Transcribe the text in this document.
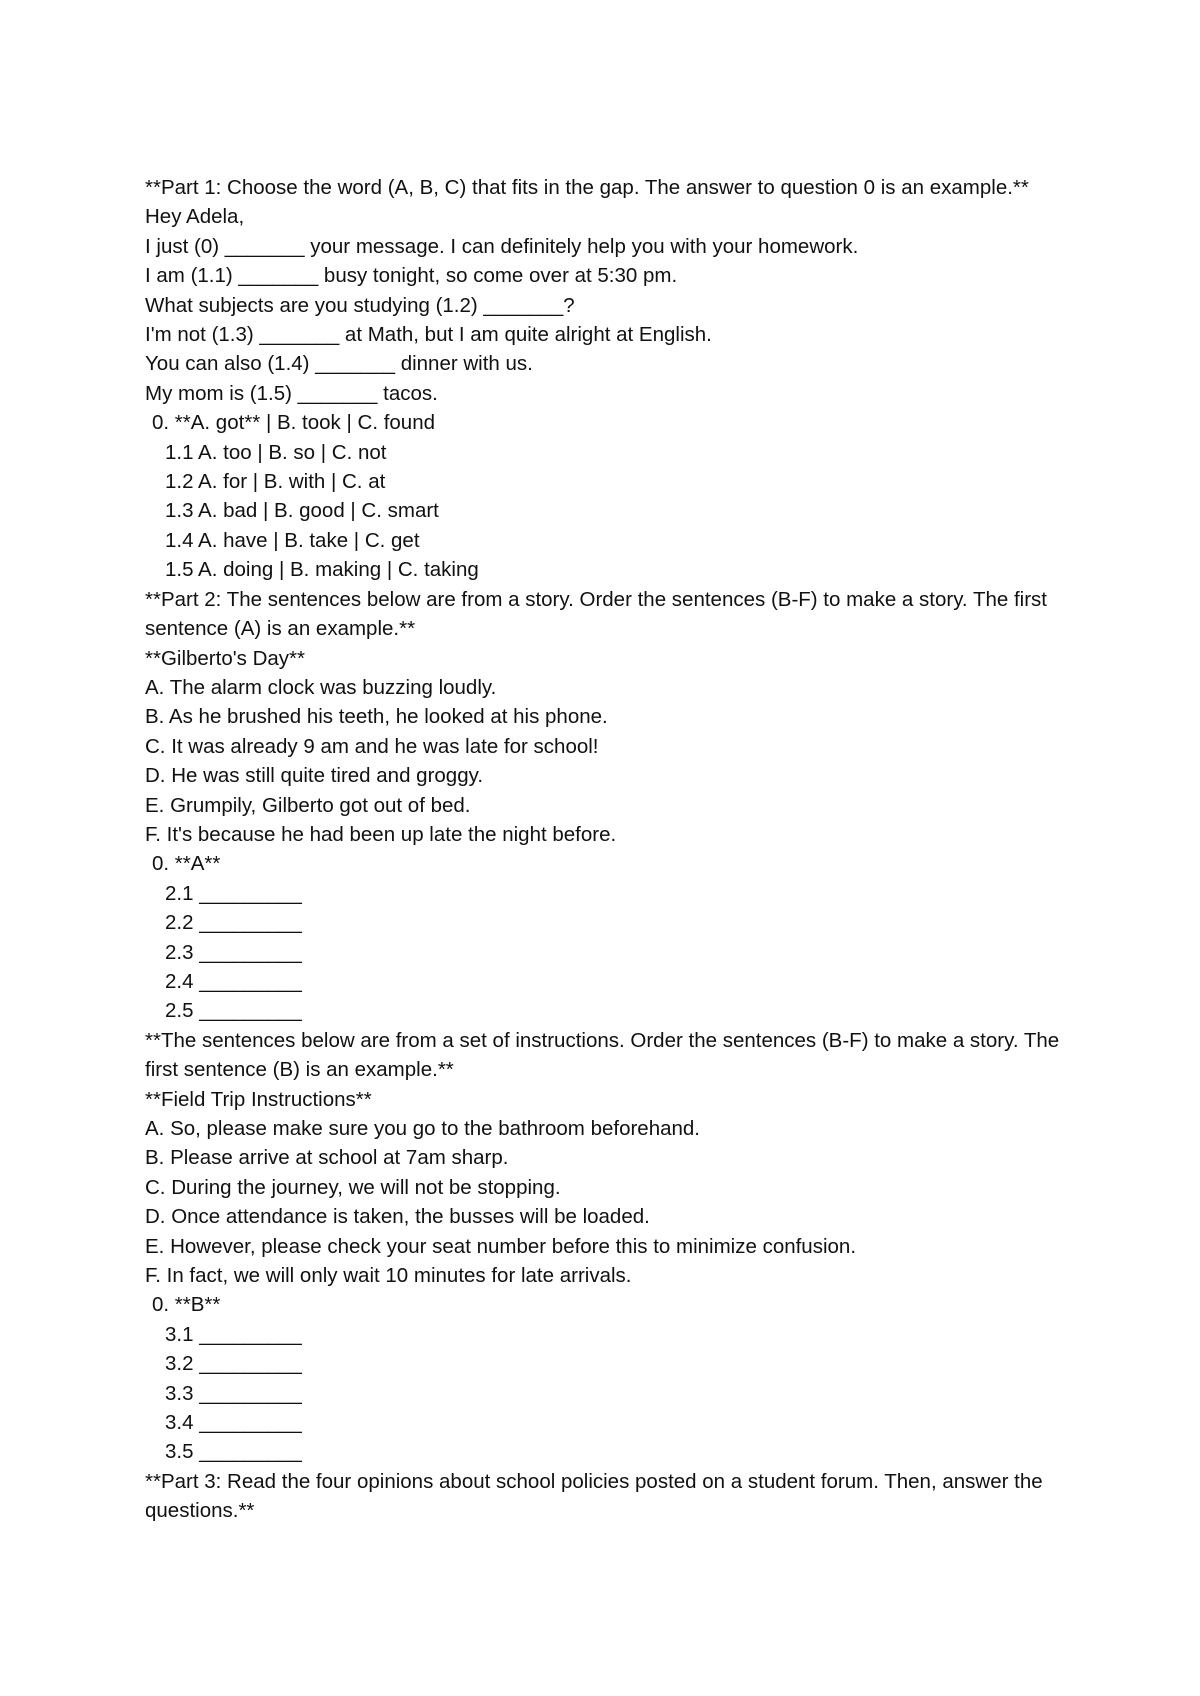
**Part 1: Choose the word (A, B, C) that fits in the gap. The answer to question 0 is an example.**
Hey Adela,
I just (0) _______ your message. I can definitely help you with your homework.
I am (1.1) _______ busy tonight, so come over at 5:30 pm.
What subjects are you studying (1.2) _______?
I'm not (1.3) _______ at Math, but I am quite alright at English.
You can also (1.4) _______ dinner with us.
My mom is (1.5) _______ tacos.
0. **A. got** | B. took | C. found
1.1 A. too | B. so | C. not
1.2 A. for | B. with | C. at
1.3 A. bad | B. good | C. smart
1.4 A. have | B. take | C. get
1.5 A. doing | B. making | C. taking
**Part 2: The sentences below are from a story. Order the sentences (B-F) to make a story. The first sentence (A) is an example.**
**Gilberto's Day**
A. The alarm clock was buzzing loudly.
B. As he brushed his teeth, he looked at his phone.
C. It was already 9 am and he was late for school!
D. He was still quite tired and groggy.
E. Grumpily, Gilberto got out of bed.
F. It's because he had been up late the night before.
0. **A**
2.1 _________
2.2 _________
2.3 _________
2.4 _________
2.5 _________
**The sentences below are from a set of instructions. Order the sentences (B-F) to make a story. The first sentence (B) is an example.**
**Field Trip Instructions**
A. So, please make sure you go to the bathroom beforehand.
B. Please arrive at school at 7am sharp.
C. During the journey, we will not be stopping.
D. Once attendance is taken, the busses will be loaded.
E. However, please check your seat number before this to minimize confusion.
F. In fact, we will only wait 10 minutes for late arrivals.
0. **B**
3.1 _________
3.2 _________
3.3 _________
3.4 _________
3.5 _________
**Part 3: Read the four opinions about school policies posted on a student forum. Then, answer the questions.**
